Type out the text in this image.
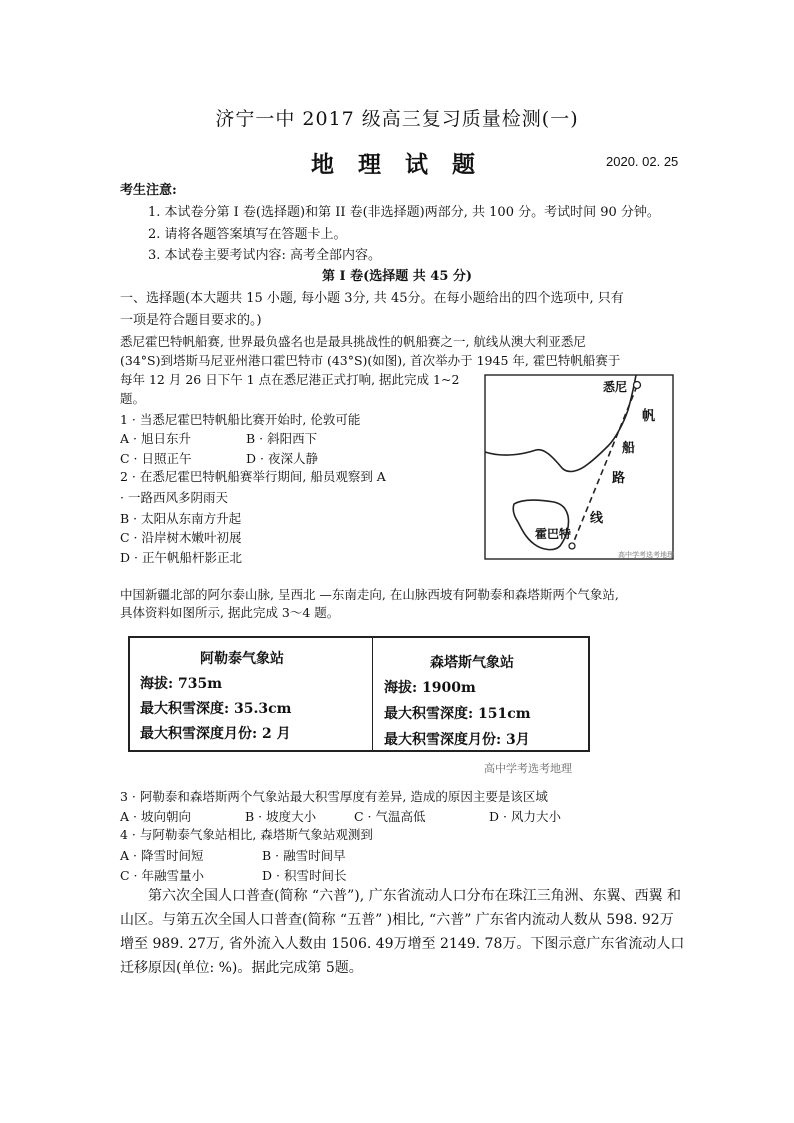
济宁一中 2017 级高三复习质量检测(一)
地 理 试 题	2020. 02. 25
考生注意:
1. 本试卷分第 I 卷(选择题)和第 II 卷(非选择题)两部分, 共 100 分。考试时间 90 分钟。
2. 请将各题答案填写在答题卡上。
3. 本试卷主要考试内容: 高考全部内容。
第 I 卷(选择题 共 45 分)
一、选择题(本大题共 15 小题, 每小题 3分, 共 45分。在每小题给出的四个选项中, 只有
一项是符合题目要求的。)
悉尼霍巴特帆船赛, 世界最负盛名也是最具挑战性的帆船赛之一, 航线从澳大利亚悉尼
(34°S)到塔斯马尼亚州港口霍巴特市 (43°S)(如图), 首次举办于 1945 年, 霍巴特帆船赛于
每年 12 月 26 日下午 1 点在悉尼港正式打响, 据此完成 1~2
题。
1 · 当悉尼霍巴特帆船比赛开始时, 伦敦可能
A · 旭日东升	B · 斜阳西下
C · 日照正午	D · 夜深人静
2 · 在悉尼霍巴特帆船赛举行期间, 船员观察到 A
· 一路西风多阴雨天
B · 太阳从东南方升起
C · 沿岸树木嫩叶初展
D · 正午帆船杆影正北
悉尼
帆
船
路
线
霍巴特
高中学考选考地理
中国新疆北部的阿尔泰山脉, 呈西北 —东南走向, 在山脉西坡有阿勒泰和森塔斯两个气象站,
具体资料如图所示, 据此完成 3～4 题。
阿勒泰气象站
海拔: 735m
最大积雪深度: 35.3cm
最大积雪深度月份: 2 月
森塔斯气象站
海拔: 1900m
最大积雪深度: 151cm
最大积雪深度月份: 3月
高中学考选考地理
3 · 阿勒泰和森塔斯两个气象站最大积雪厚度有差异, 造成的原因主要是该区域
A · 坡向朝向	B · 坡度大小	C · 气温高低	D · 风力大小
4 · 与阿勒泰气象站相比, 森塔斯气象站观测到
A · 降雪时间短	B · 融雪时间早
C · 年融雪量小	D · 积雪时间长
第六次全国人口普查(简称 “六普”), 广东省流动人口分布在珠江三角洲、东翼、西翼 和
山区。与第五次全国人口普查(简称 “五普” )相比, “六普” 广东省内流动人数从 598. 92万
增至 989. 27万, 省外流入人数由 1506. 49万增至 2149. 78万。下图示意广东省流动人口
迁移原因(单位: %)。据此完成第 5题。
